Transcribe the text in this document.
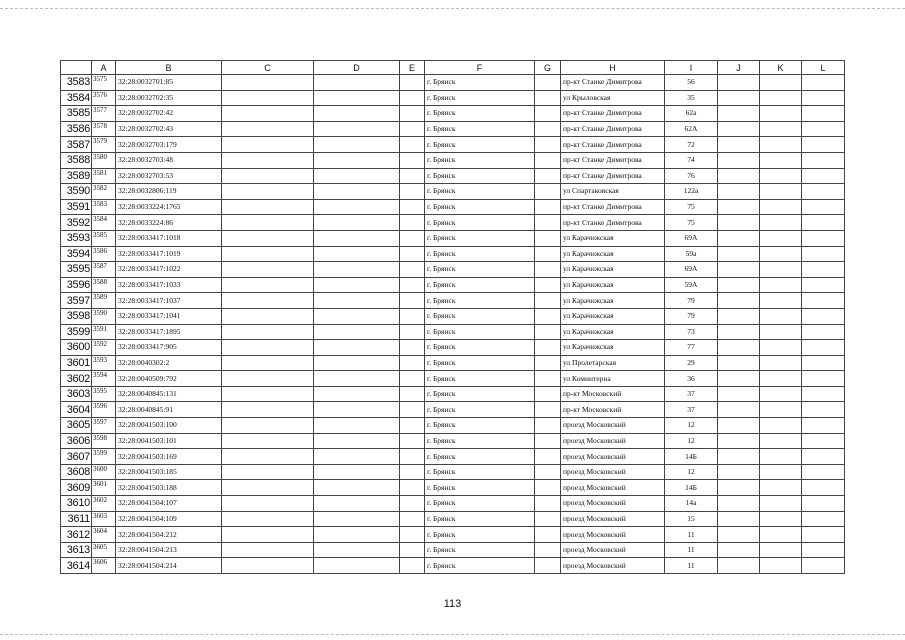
	A	B	C	D	E	F	G	H	I	J	K	L
3583	3575	32:28:0032701:85				г. Брянск		пр-кт Станке Димитрова	56			
3584	3576	32:28:0032702:35				г. Брянск		ул Крыловская	35			
3585	3577	32:28:0032702:42				г. Брянск		пр-кт Станке Димитрова	62а			
3586	3578	32:28:0032702:43				г. Брянск		пр-кт Станке Димитрова	62А			
3587	3579	32:28:0032703:179				г. Брянск		пр-кт Станке Димитрова	72			
3588	3580	32:28:0032703:48				г. Брянск		пр-кт Станке Димитрова	74			
3589	3581	32:28:0032703:53				г. Брянск		пр-кт Станке Димитрова	76			
3590	3582	32:28:0032806:119				г. Брянск		ул Спартаковская	122а			
3591	3583	32:28:0033224:1765				г. Брянск		пр-кт Станке Димитрова	75			
3592	3584	32:28:0033224:86				г. Брянск		пр-кт Станке Димитрова	75			
3593	3585	32:28:0033417:1018				г. Брянск		ул Карачижская	69А			
3594	3586	32:28:0033417:1019				г. Брянск		ул Карачижская	59а			
3595	3587	32:28:0033417:1022				г. Брянск		ул Карачижская	69А			
3596	3588	32:28:0033417:1033				г. Брянск		ул Карачижская	59А			
3597	3589	32:28:0033417:1037				г. Брянск		ул Карачижская	79			
3598	3590	32:28:0033417:1041				г. Брянск		ул Карачижская	79			
3599	3591	32:28:0033417:1895				г. Брянск		ул Карачижская	73			
3600	3592	32:28:0033417:905				г. Брянск		ул Карачижская	77			
3601	3593	32:28:0040302:2				г. Брянск		ул Пролетарская	29			
3602	3594	32:28:0040509:792				г. Брянск		ул Коминтерна	36			
3603	3595	32:28:0040845:131				г. Брянск		пр-кт Московский	37			
3604	3596	32:28:0040845:91				г. Брянск		пр-кт Московский	37			
3605	3597	32:28:0041503:100				г. Брянск		проезд Московский	12			
3606	3598	32:28:0041503:101				г. Брянск		проезд Московский	12			
3607	3599	32:28:0041503:169				г. Брянск		проезд Московский	14Б			
3608	3600	32:28:0041503:185				г. Брянск		проезд Московский	12			
3609	3601	32:28:0041503:188				г. Брянск		проезд Московский	14Б			
3610	3602	32:28:0041504:107				г. Брянск		проезд Московский	14а			
3611	3603	32:28:0041504:109				г. Брянск		проезд Московский	15			
3612	3604	32:28:0041504:212				г. Брянск		проезд Московский	11			
3613	3605	32:28:0041504:213				г. Брянск		проезд Московский	11			
3614	3606	32:28:0041504:214				г. Брянск		проезд Московский	11			
113
